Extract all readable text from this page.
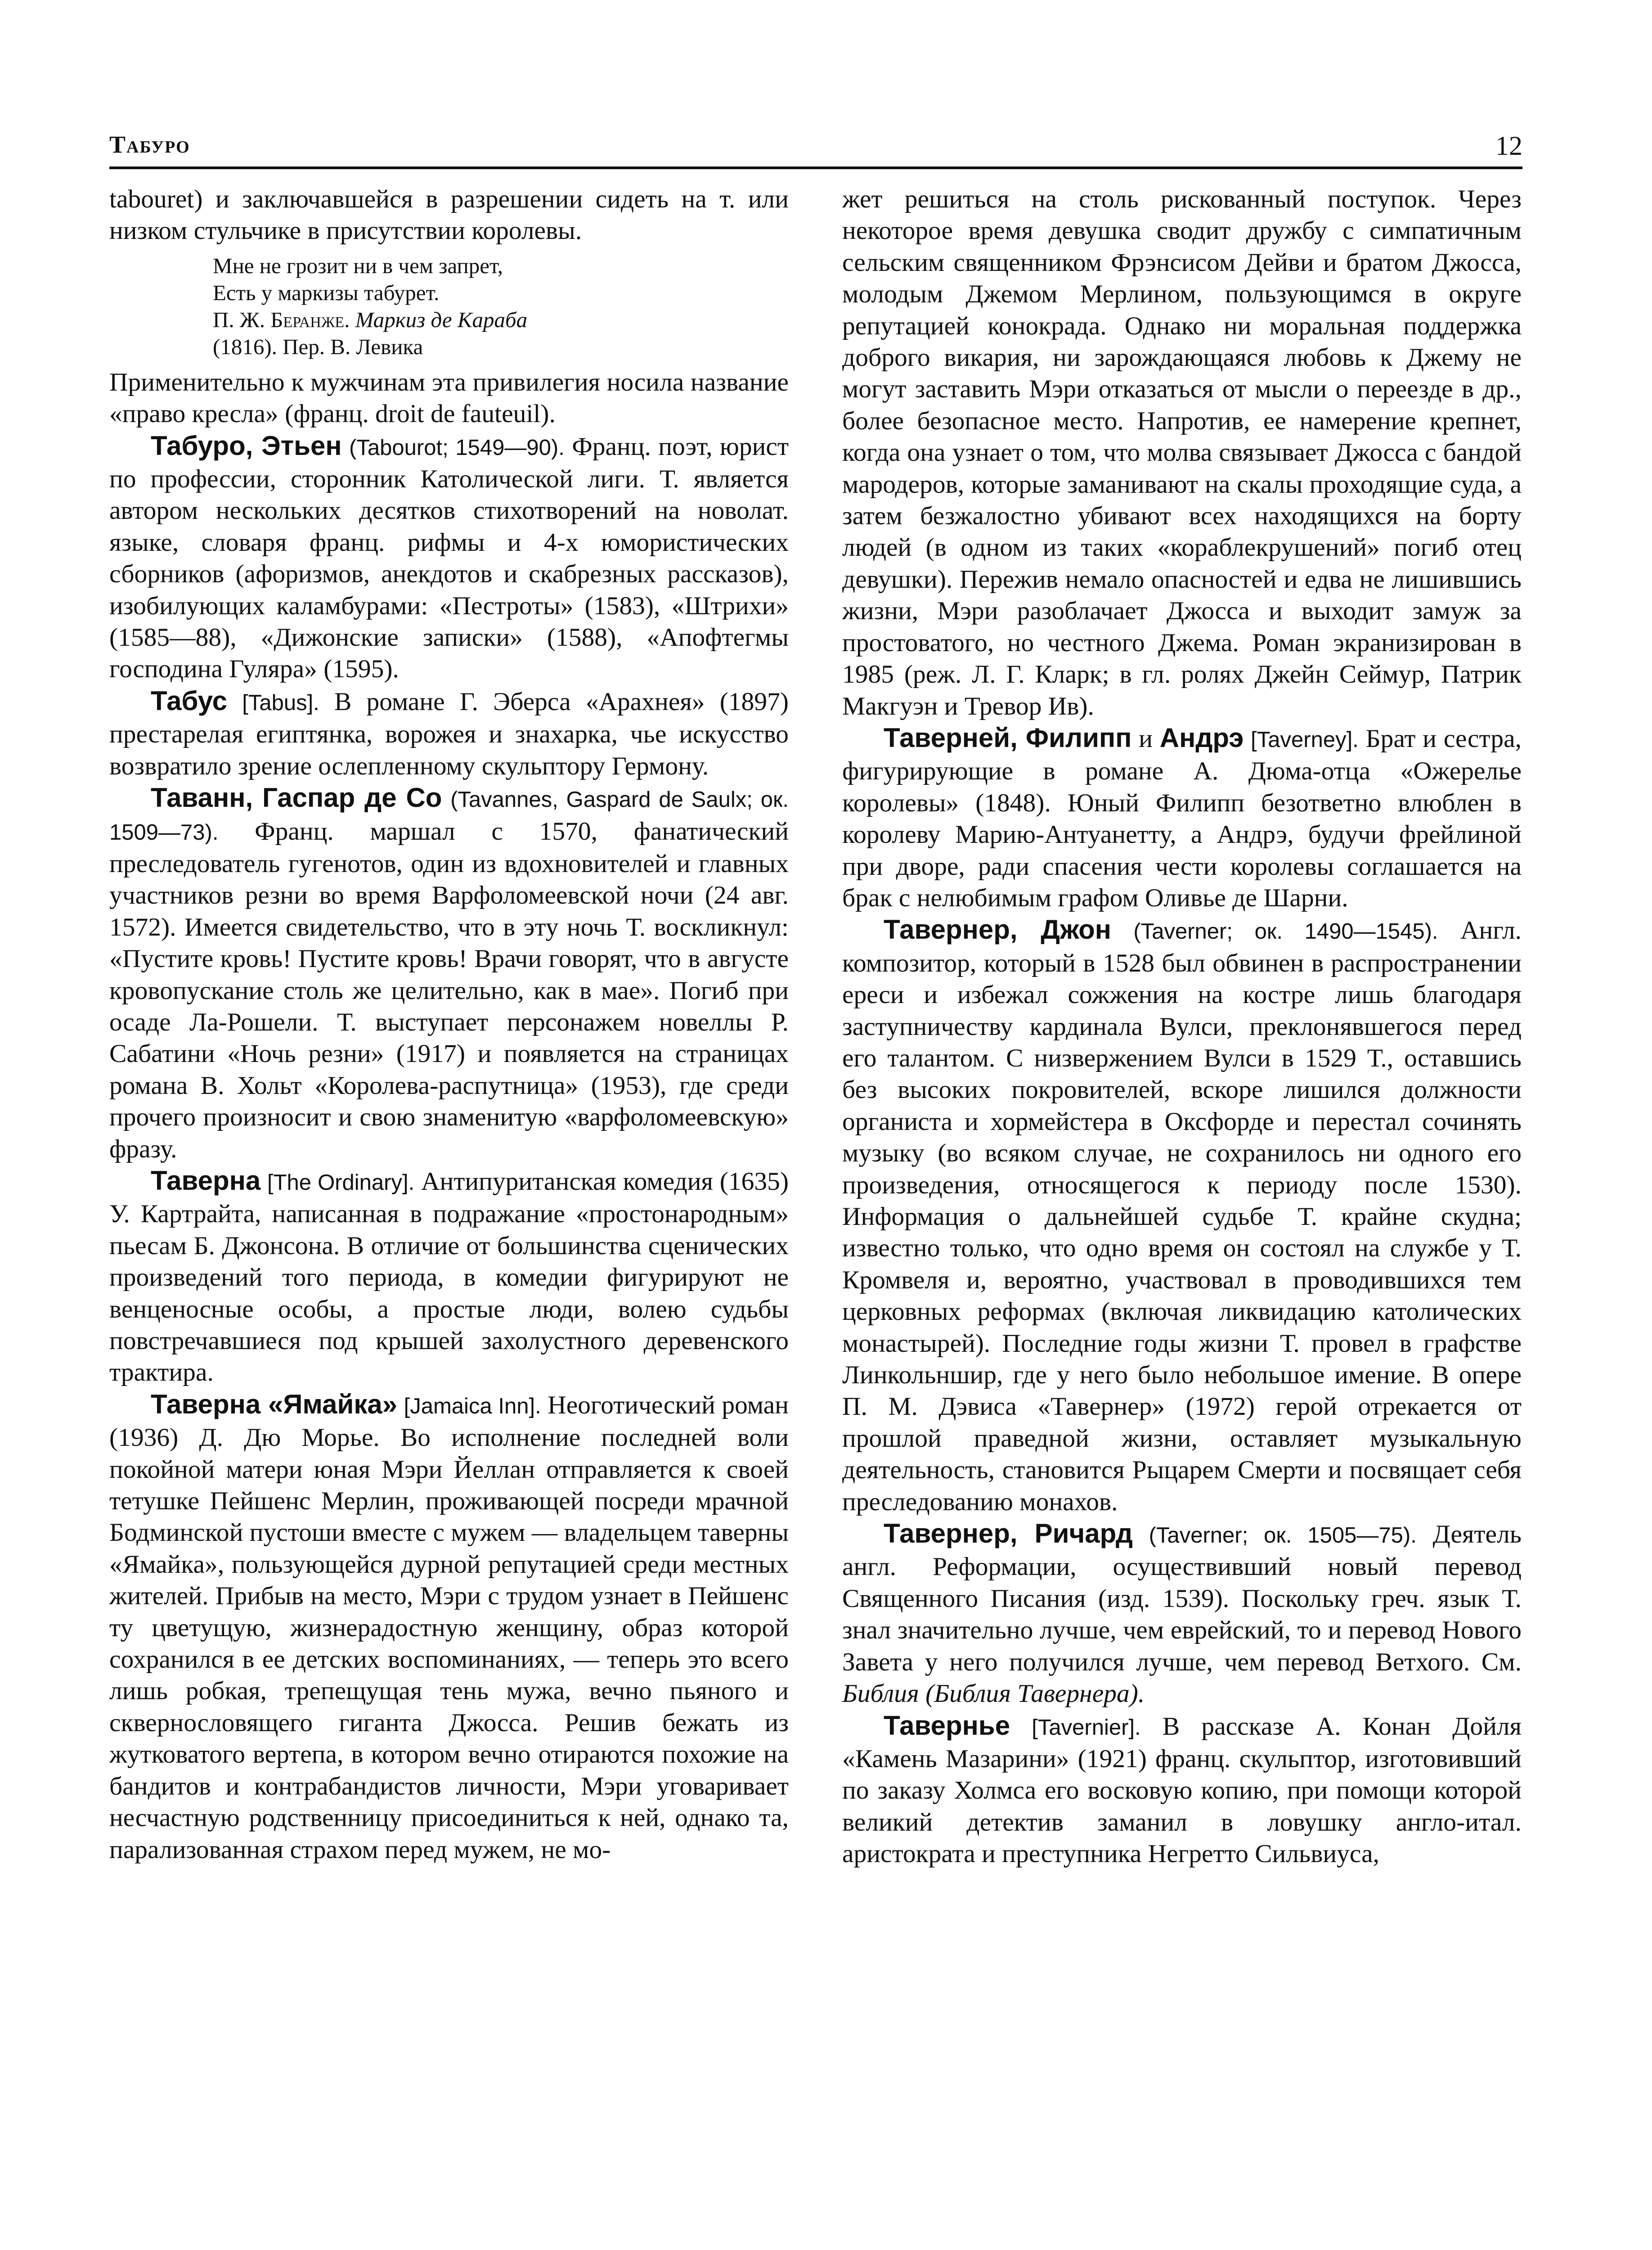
Табуро	12

tabouret) и заключавшейся в разрешении сидеть на т. или низком стульчике в присутствии королевы.

Мне не грозит ни в чем запрет,
Есть у маркизы табурет.
П. Ж. Беранже. Маркиз де Караба
(1816). Пер. В. Левика

Применительно к мужчинам эта привилегия носила название «право кресла» (франц. droit de fauteuil).

Табуро, Этьен (Tabourot; 1549—90). Франц. поэт, юрист по профессии, сторонник Католической лиги. Т. является автором нескольких десятков стихотворений на новолат. языке, словаря франц. рифмы и 4-х юмористических сборников (афоризмов, анекдотов и скабрезных рассказов), изобилующих каламбурами: «Пестроты» (1583), «Штрихи» (1585—88), «Дижонские записки» (1588), «Апофтегмы господина Гуляра» (1595).

Табус [Tabus]. В романе Г. Эберса «Арахнея» (1897) престарелая египтянка, ворожея и знахарка, чье искусство возвратило зрение ослепленному скульптору Гермону.

Таванн, Гаспар де Со (Tavannes, Gaspard de Saulx; ок. 1509—73). Франц. маршал с 1570, фанатический преследователь гугенотов, один из вдохновителей и главных участников резни во время Варфоломеевской ночи (24 авг. 1572). Имеется свидетельство, что в эту ночь Т. воскликнул: «Пустите кровь! Пустите кровь! Врачи говорят, что в августе кровопускание столь же целительно, как в мае». Погиб при осаде Ла-Рошели. Т. выступает персонажем новеллы Р. Сабатини «Ночь резни» (1917) и появляется на страницах романа В. Хольт «Королева-распутница» (1953), где среди прочего произносит и свою знаменитую «варфоломеевскую» фразу.

Таверна [The Ordinary]. Антипуританская комедия (1635) У. Картрайта, написанная в подражание «простонародным» пьесам Б. Джонсона. В отличие от большинства сценических произведений того периода, в комедии фигурируют не венценосные особы, а простые люди, волею судьбы повстречавшиеся под крышей захолустного деревенского трактира.

Таверна «Ямайка» [Jamaica Inn]. Неоготический роман (1936) Д. Дю Морье. Во исполнение последней воли покойной матери юная Мэри Йеллан отправляется к своей тетушке Пейшенс Мерлин, проживающей посреди мрачной Бодминской пустоши вместе с мужем — владельцем таверны «Ямайка», пользующейся дурной репутацией среди местных жителей. Прибыв на место, Мэри с трудом узнает в Пейшенс ту цветущую, жизнерадостную женщину, образ которой сохранился в ее детских воспоминаниях, — теперь это всего лишь робкая, трепещущая тень мужа, вечно пьяного и сквернословящего гиганта Джосса. Решив бежать из жутковатого вертепа, в котором вечно отираются похожие на бандитов и контрабандистов личности, Мэри уговаривает несчастную родственницу присоединиться к ней, однако та, парализованная страхом перед мужем, не мо-

жет решиться на столь рискованный поступок. Через некоторое время девушка сводит дружбу с симпатичным сельским священником Фрэнсисом Дейви и братом Джосса, молодым Джемом Мерлином, пользующимся в округе репутацией конокрада. Однако ни моральная поддержка доброго викария, ни зарождающаяся любовь к Джему не могут заставить Мэри отказаться от мысли о переезде в др., более безопасное место. Напротив, ее намерение крепнет, когда она узнает о том, что молва связывает Джосса с бандой мародеров, которые заманивают на скалы проходящие суда, а затем безжалостно убивают всех находящихся на борту людей (в одном из таких «кораблекрушений» погиб отец девушки). Пережив немало опасностей и едва не лишившись жизни, Мэри разоблачает Джосса и выходит замуж за простоватого, но честного Джема. Роман экранизирован в 1985 (реж. Л. Г. Кларк; в гл. ролях Джейн Сеймур, Патрик Макгуэн и Тревор Ив).

Таверней, Филипп и Андрэ [Taverney]. Брат и сестра, фигурирующие в романе А. Дюма-отца «Ожерелье королевы» (1848). Юный Филипп безответно влюблен в королеву Марию-Антуанетту, а Андрэ, будучи фрейлиной при дворе, ради спасения чести королевы соглашается на брак с нелюбимым графом Оливье де Шарни.

Тавернер, Джон (Taverner; ок. 1490—1545). Англ. композитор, который в 1528 был обвинен в распространении ереси и избежал сожжения на костре лишь благодаря заступничеству кардинала Вулси, преклонявшегося перед его талантом. С низвержением Вулси в 1529 Т., оставшись без высоких покровителей, вскоре лишился должности органиста и хормейстера в Оксфорде и перестал сочинять музыку (во всяком случае, не сохранилось ни одного его произведения, относящегося к периоду после 1530). Информация о дальнейшей судьбе Т. крайне скудна; известно только, что одно время он состоял на службе у Т. Кромвеля и, вероятно, участвовал в проводившихся тем церковных реформах (включая ликвидацию католических монастырей). Последние годы жизни Т. провел в графстве Линкольншир, где у него было небольшое имение. В опере П. М. Дэвиса «Тавернер» (1972) герой отрекается от прошлой праведной жизни, оставляет музыкальную деятельность, становится Рыцарем Смерти и посвящает себя преследованию монахов.

Тавернер, Ричард (Taverner; ок. 1505—75). Деятель англ. Реформации, осуществивший новый перевод Священного Писания (изд. 1539). Поскольку греч. язык Т. знал значительно лучше, чем еврейский, то и перевод Нового Завета у него получился лучше, чем перевод Ветхого. См. Библия (Библия Тавернера).

Тавернье [Tavernier]. В рассказе А. Конан Дойля «Камень Мазарини» (1921) франц. скульптор, изготовивший по заказу Холмса его восковую копию, при помощи которой великий детектив заманил в ловушку англо-итал. аристократа и преступника Негретто Сильвиуса,
